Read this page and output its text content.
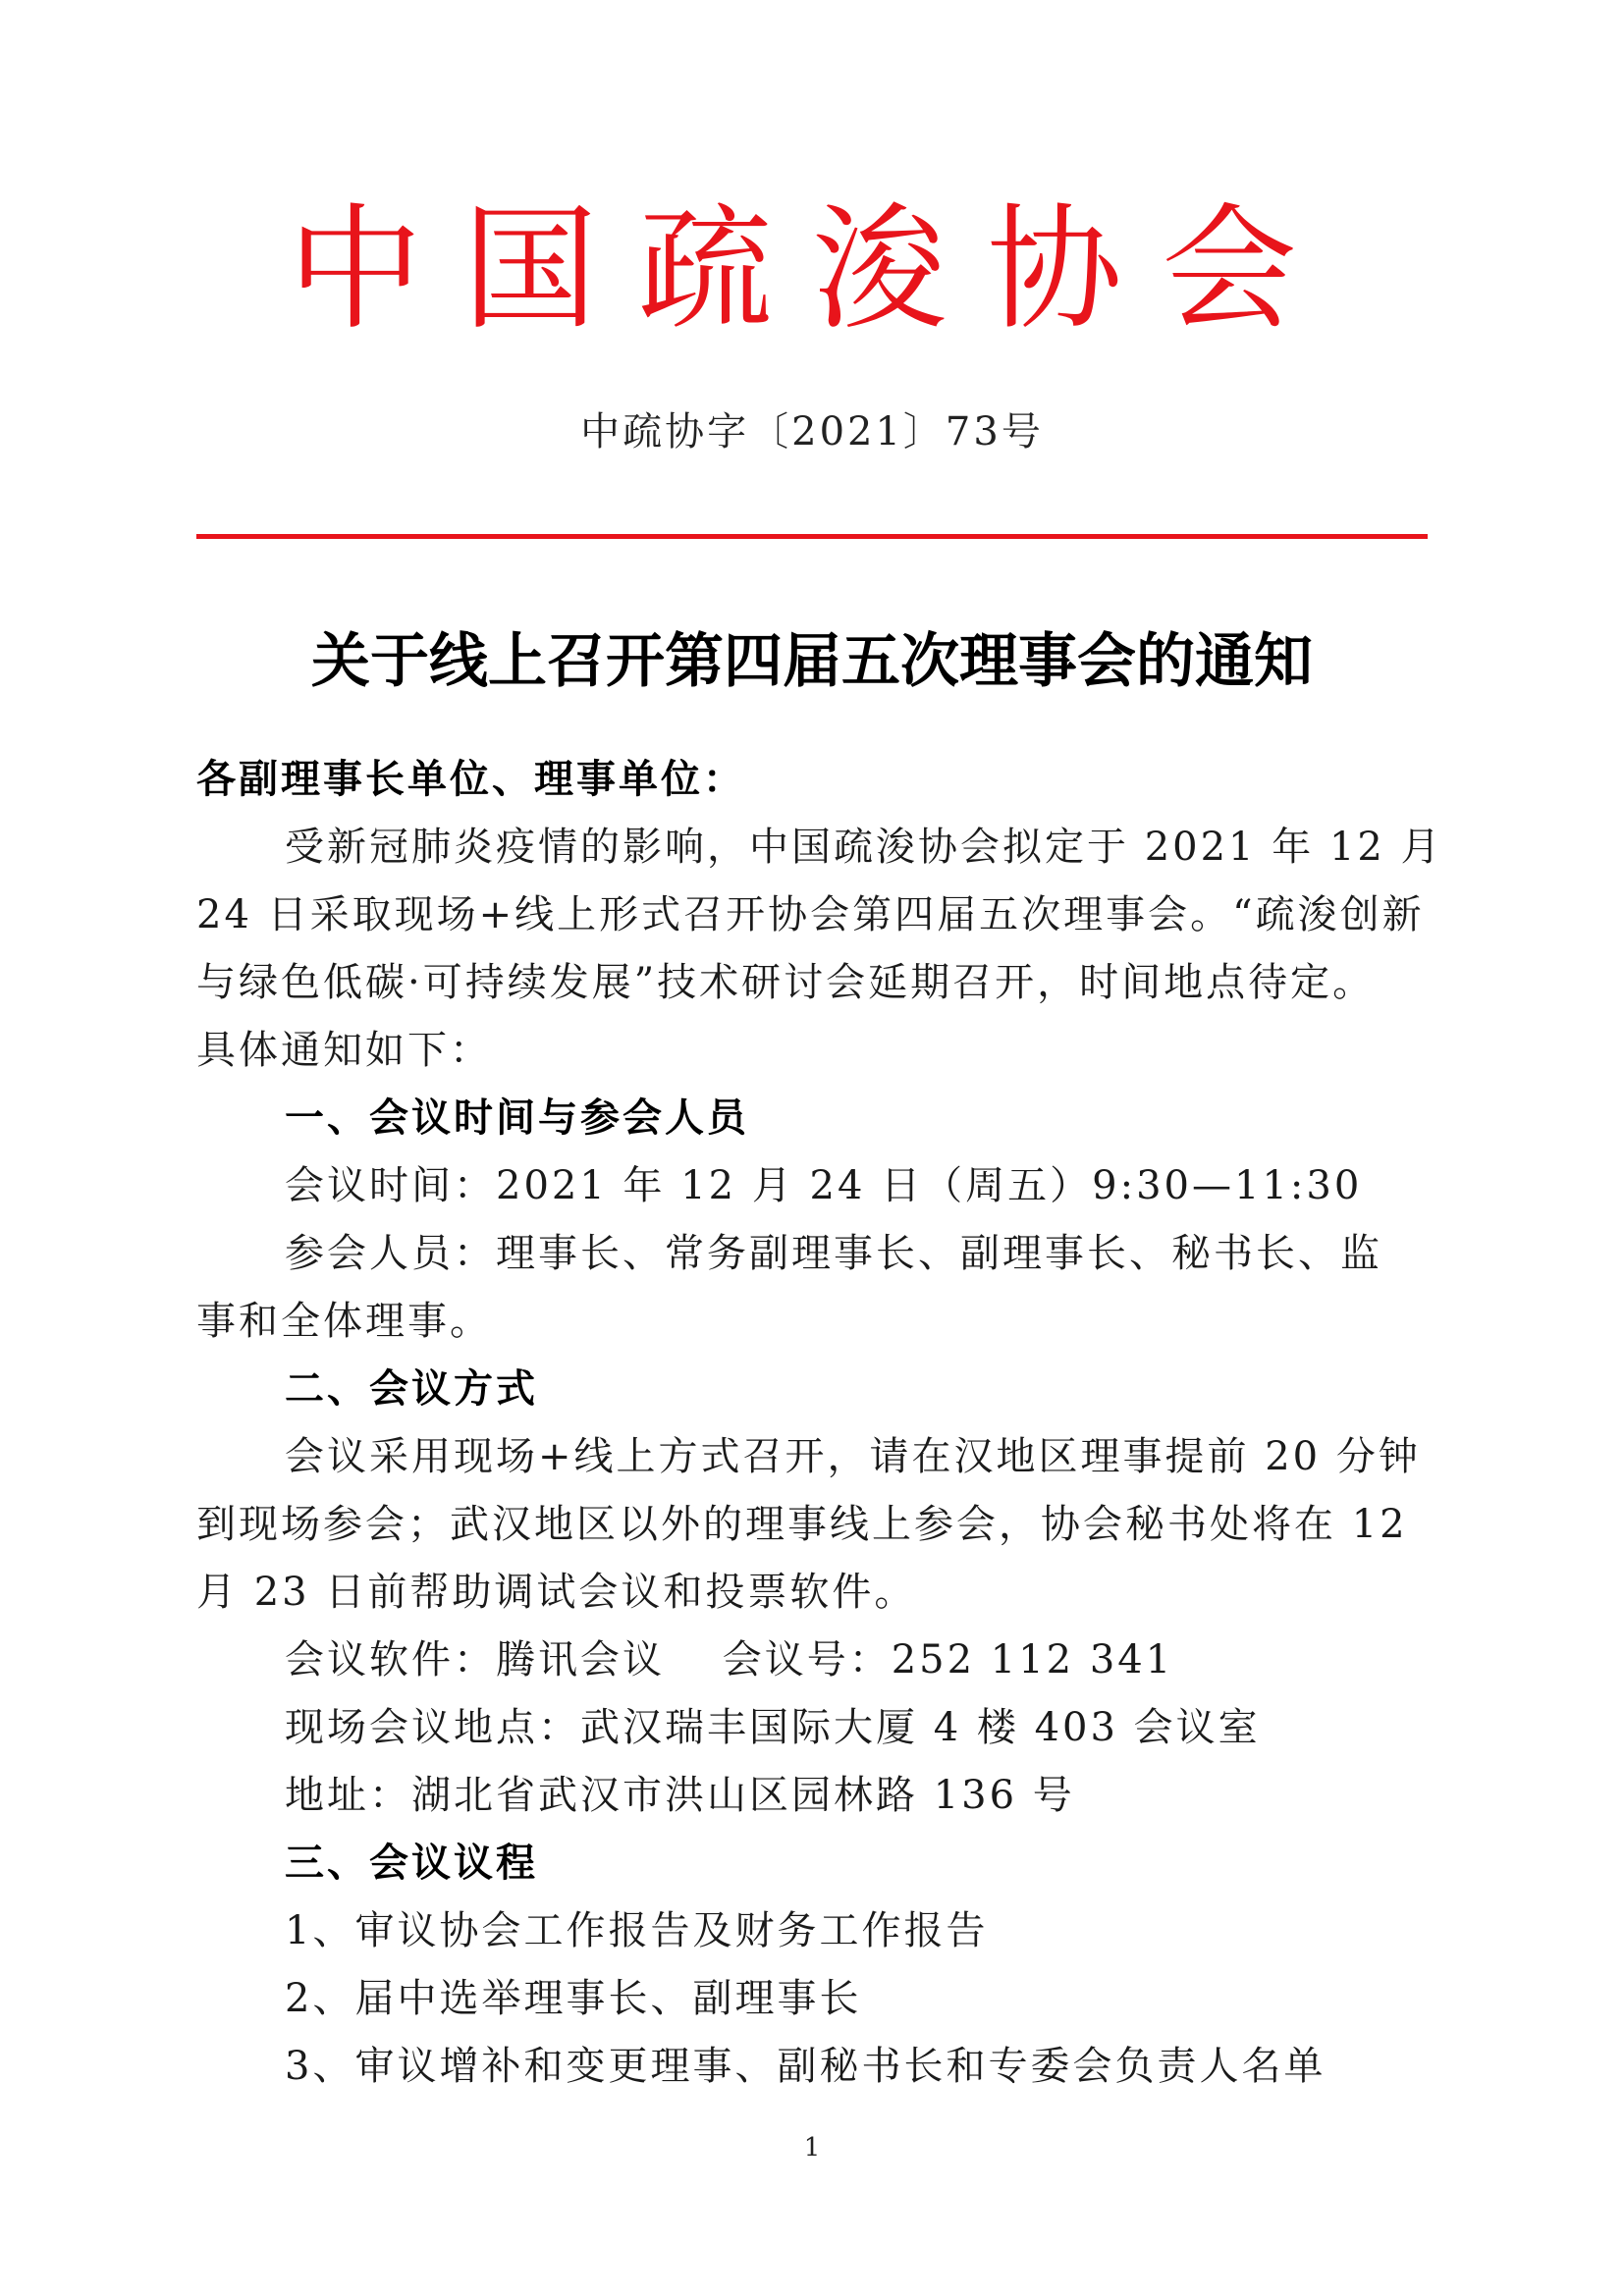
中国疏浚协会
中疏协字〔2021〕73号
关于线上召开第四届五次理事会的通知

各副理事长单位、理事单位：

受新冠肺炎疫情的影响，中国疏浚协会拟定于 2021 年 12 月

24 日采取现场+线上形式召开协会第四届五次理事会。“疏浚创新

与绿色低碳·可持续发展”技术研讨会延期召开，时间地点待定。

具体通知如下：

一、会议时间与参会人员

会议时间：2021 年 12 月 24 日（周五）9:30—11:30

参会人员：理事长、常务副理事长、副理事长、秘书长、监

事和全体理事。

二、会议方式

会议采用现场+线上方式召开，请在汉地区理事提前 20 分钟

到现场参会；武汉地区以外的理事线上参会，协会秘书处将在 12

月 23 日前帮助调试会议和投票软件。

会议软件：腾讯会议　 会议号：252 112 341

现场会议地点：武汉瑞丰国际大厦 4 楼 403 会议室

地址：湖北省武汉市洪山区园林路 136 号

三、会议议程

1、审议协会工作报告及财务工作报告

2、届中选举理事长、副理事长

3、审议增补和变更理事、副秘书长和专委会负责人名单

1
